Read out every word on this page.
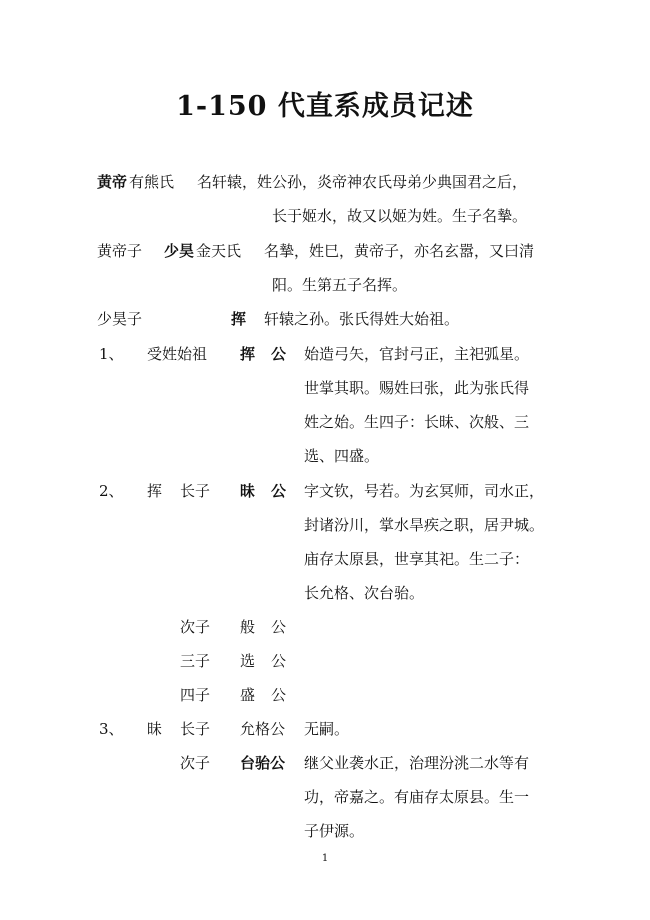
1-150 代直系成员记述
黄帝 有熊氏 名轩辕，姓公孙，炎帝神农氏母弟少典国君之后，
长于姬水，故又以姬为姓。生子名摯。
黄帝子 少昊 金天氏 名摯，姓巳，黄帝子，亦名玄嚣，又曰清
阳。生第五子名挥。
少昊子	挥 轩辕之孙。张氏得姓大始祖。
1、 受姓始祖 挥 公 始造弓矢，官封弓正，主祀弧星。
世掌其职。赐姓曰张，此为张氏得
姓之始。生四子：长昧、次般、三
选、四盛。
2、 挥 长子 昧 公 字文钦，号若。为玄冥师，司水正，
封诸汾川，掌水旱疾之职，居尹城。
庙存太原县，世享其祀。生二子：
长允格、次台骀。
次子 般 公
三子 选 公
四子 盛 公
3、 昧 长子 允格公 无嗣。
次子 台骀公 继父业袭水正，治理汾洮二水等有
功，帝嘉之。有庙存太原县。生一
子伊源。
1
